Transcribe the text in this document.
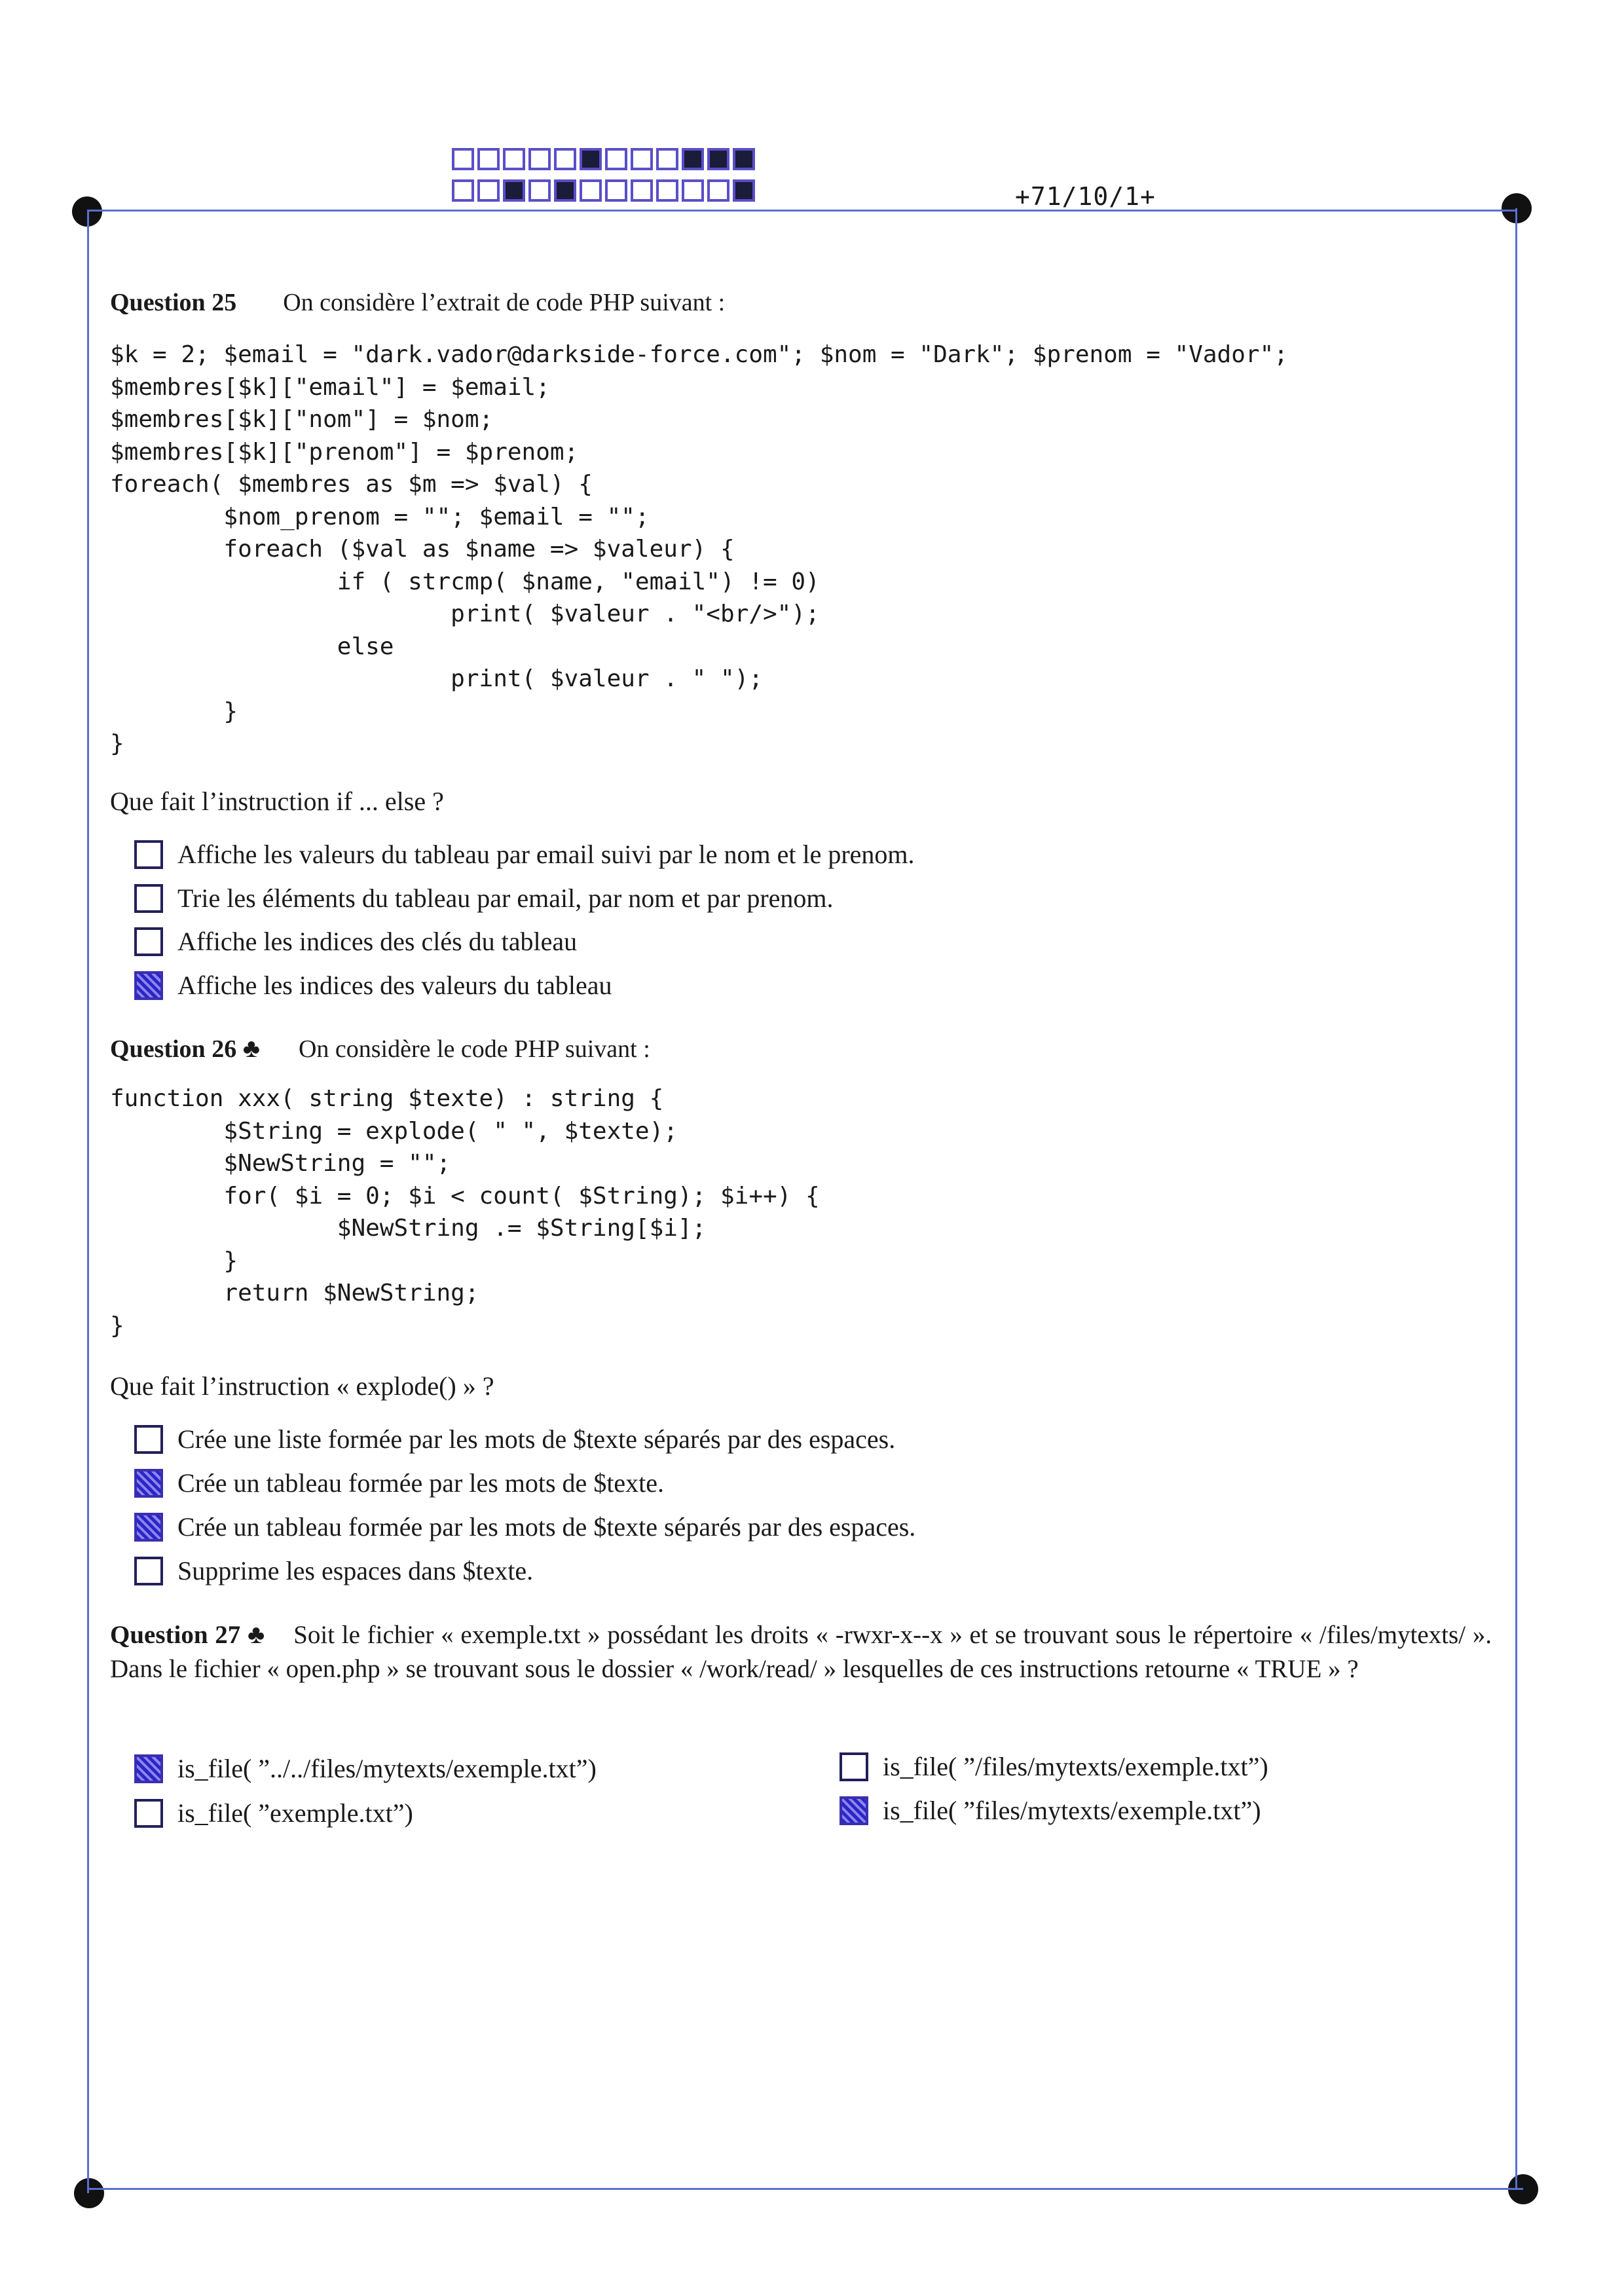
+71/10/1+
Question 25 On considère l’extrait de code PHP suivant :
$k = 2; $email = "dark.vador@darkside-force.com"; $nom = "Dark"; $prenom = "Vador";
$membres[$k]["email"] = $email;
$membres[$k]["nom"] = $nom;
$membres[$k]["prenom"] = $prenom;
foreach( $membres as $m => $val) {
$nom_prenom = ""; $email = "";
foreach ($val as $name => $valeur) {
if ( strcmp( $name, "email") != 0)
print( $valeur . "<br/>");
else
print( $valeur . " ");
}
}
Que fait l’instruction if ... else ?
Affiche les valeurs du tableau par email suivi par le nom et le prenom.
Trie les éléments du tableau par email, par nom et par prenom.
Affiche les indices des clés du tableau
Affiche les indices des valeurs du tableau
Question 26 ♣ On considère le code PHP suivant :
function xxx( string $texte) : string {
$String = explode( " ", $texte);
$NewString = "";
for( $i = 0; $i < count( $String); $i++) {
$NewString .= $String[$i];
}
return $NewString;
}
Que fait l’instruction « explode() » ?
Crée une liste formée par les mots de $texte séparés par des espaces.
Crée un tableau formée par les mots de $texte.
Crée un tableau formée par les mots de $texte séparés par des espaces.
Supprime les espaces dans $texte.
Question 27 ♣ Soit le fichier « exemple.txt » possédant les droits « -rwxr-x--x » et se trouvant sous le répertoire « /files/mytexts/ ». Dans le fichier « open.php » se trouvant sous le dossier « /work/read/ » lesquelles de ces instructions retourne « TRUE » ?
is_file( ”../../files/mytexts/exemple.txt”)	is_file( ”/files/mytexts/exemple.txt”)
is_file( ”exemple.txt”)	is_file( ”files/mytexts/exemple.txt”)
